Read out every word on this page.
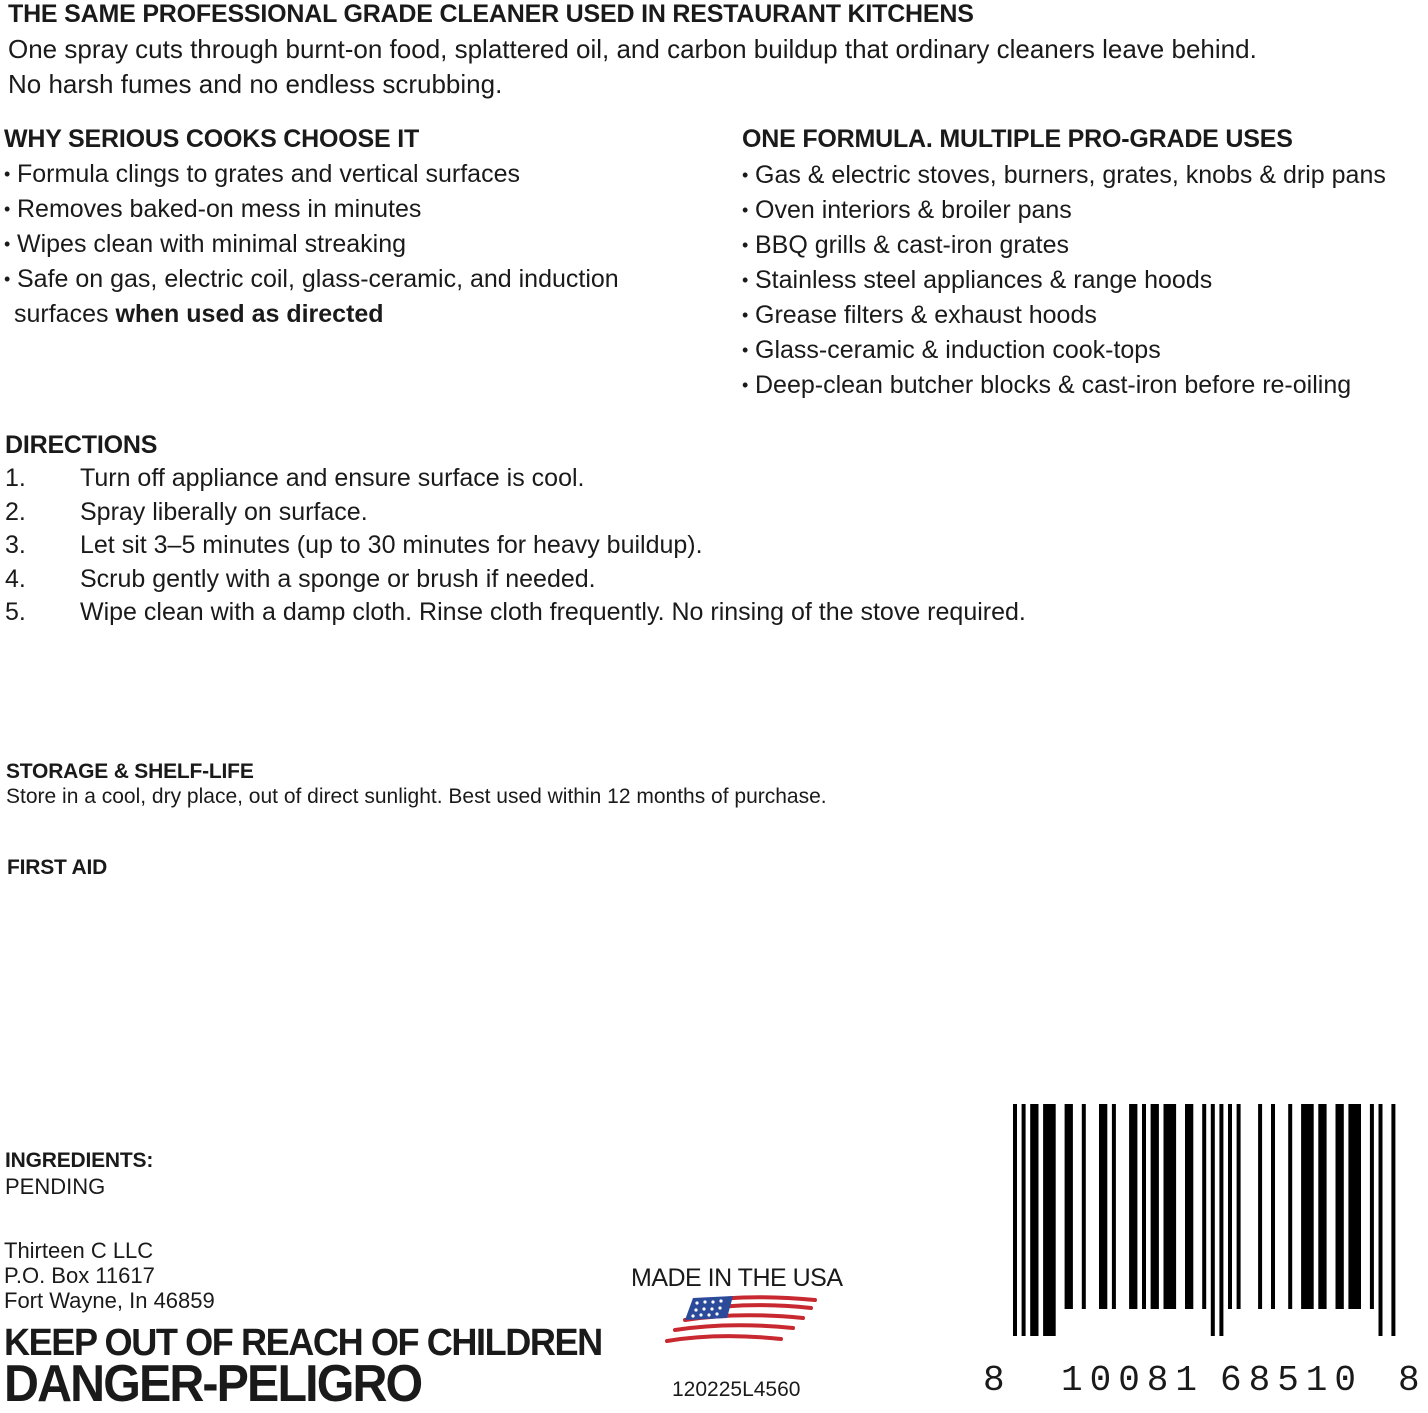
THE SAME PROFESSIONAL GRADE CLEANER USED IN RESTAURANT KITCHENS
One spray cuts through burnt-on food, splattered oil, and carbon buildup that ordinary cleaners leave behind.
No harsh fumes and no endless scrubbing.
WHY SERIOUS COOKS CHOOSE IT
• Formula clings to grates and vertical surfaces
• Removes baked-on mess in minutes
• Wipes clean with minimal streaking
• Safe on gas, electric coil, glass-ceramic, and induction
surfaces when used as directed
ONE FORMULA. MULTIPLE PRO-GRADE USES
• Gas & electric stoves, burners, grates, knobs & drip pans
• Oven interiors & broiler pans
• BBQ grills & cast-iron grates
• Stainless steel appliances & range hoods
• Grease filters & exhaust hoods
• Glass-ceramic & induction cook-tops
• Deep-clean butcher blocks & cast-iron before re-oiling
DIRECTIONS
1.	Turn off appliance and ensure surface is cool.
2.	Spray liberally on surface.
3.	Let sit 3–5 minutes (up to 30 minutes for heavy buildup).
4.	Scrub gently with a sponge or brush if needed.
5.	Wipe clean with a damp cloth. Rinse cloth frequently. No rinsing of the stove required.
STORAGE & SHELF-LIFE
Store in a cool, dry place, out of direct sunlight. Best used within 12 months of purchase.
FIRST AID
INGREDIENTS:
PENDING
Thirteen C LLC
P.O. Box 11617
Fort Wayne, In 46859
KEEP OUT OF REACH OF CHILDREN
DANGER-PELIGRO
MADE IN THE USA
120225L4560	8 10081 68510 8
